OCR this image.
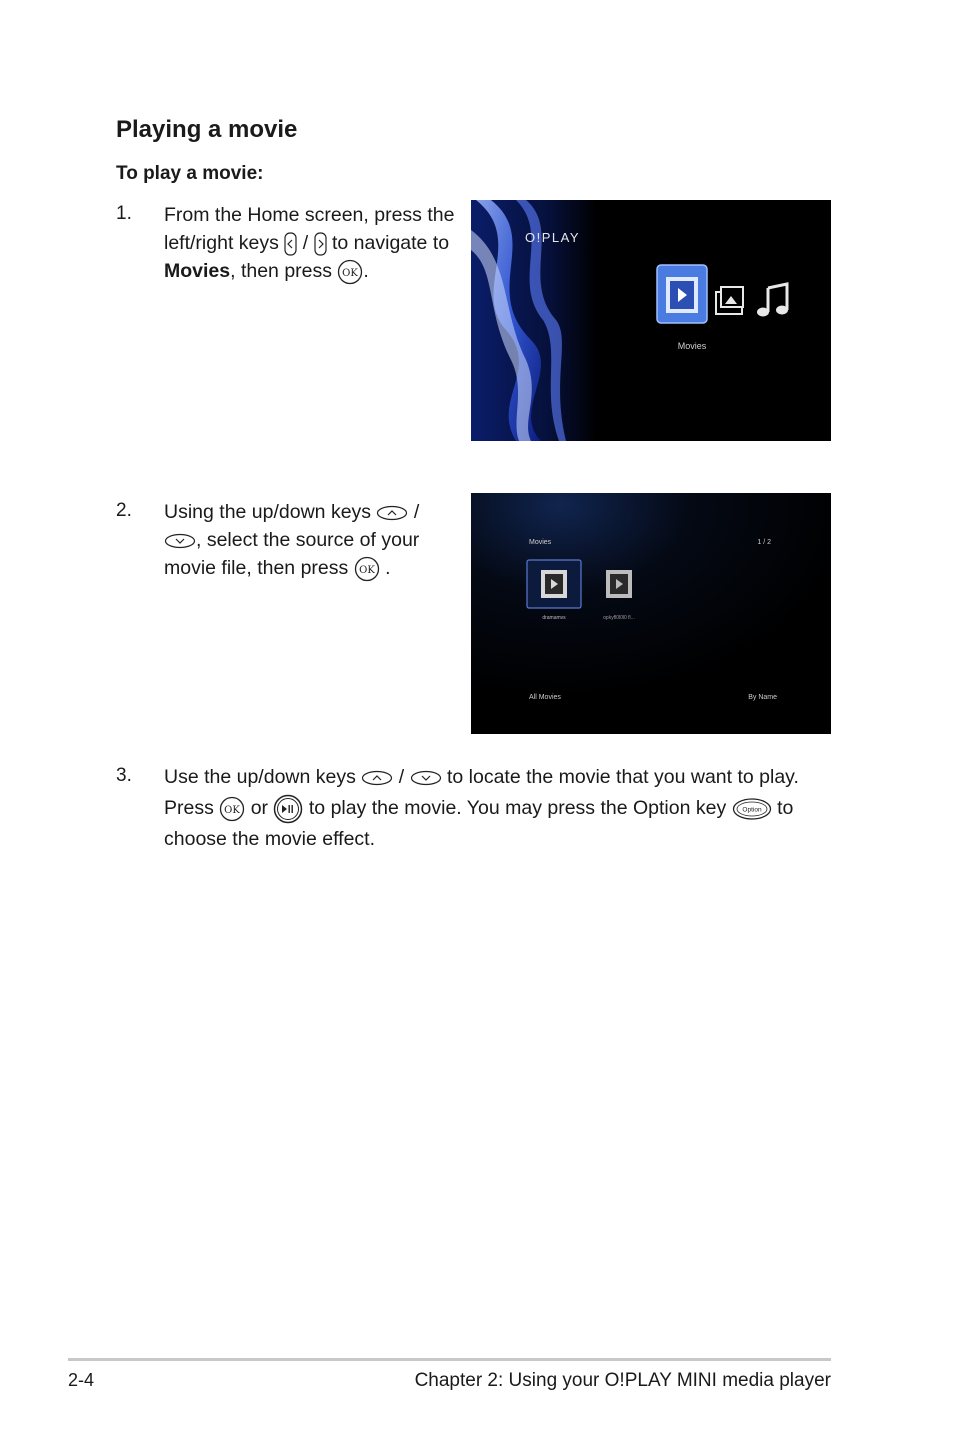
Playing a movie
To play a movie:
1. From the Home screen, press the
left/right keys / to navigate to
Movies, then press OK .
O!PLAY
Movies
2. Using the up/down keys /
, select the source of your
movie file, then press OK .
Movies	1 / 2
dramamvs	opkyfl0l0l0 fl...
All Movies	By Name
3. Use the up/down keys / to locate the movie that you want to play.
Press OK or to play the movie. You may press the Option key Option to
choose the movie effect.
2-4	Chapter 2: Using your O!PLAY MINI media player
